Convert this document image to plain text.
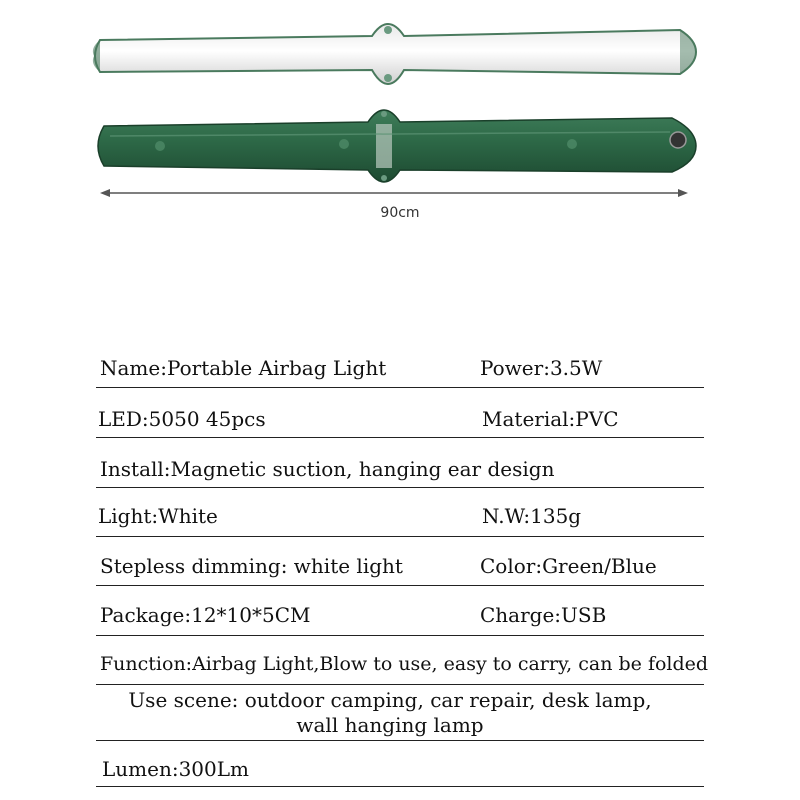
90cm
Name:Portable Airbag Light	Power:3.5W
LED:5050 45pcs	Material:PVC
Install:Magnetic suction, hanging ear design
Light:White	N.W:135g
Stepless dimming: white light	Color:Green/Blue
Package:12*10*5CM	Charge:USB
Function:Airbag Light,Blow to use, easy to carry, can be folded
Use scene: outdoor camping, car repair, desk lamp,
wall hanging lamp
Lumen:300Lm
